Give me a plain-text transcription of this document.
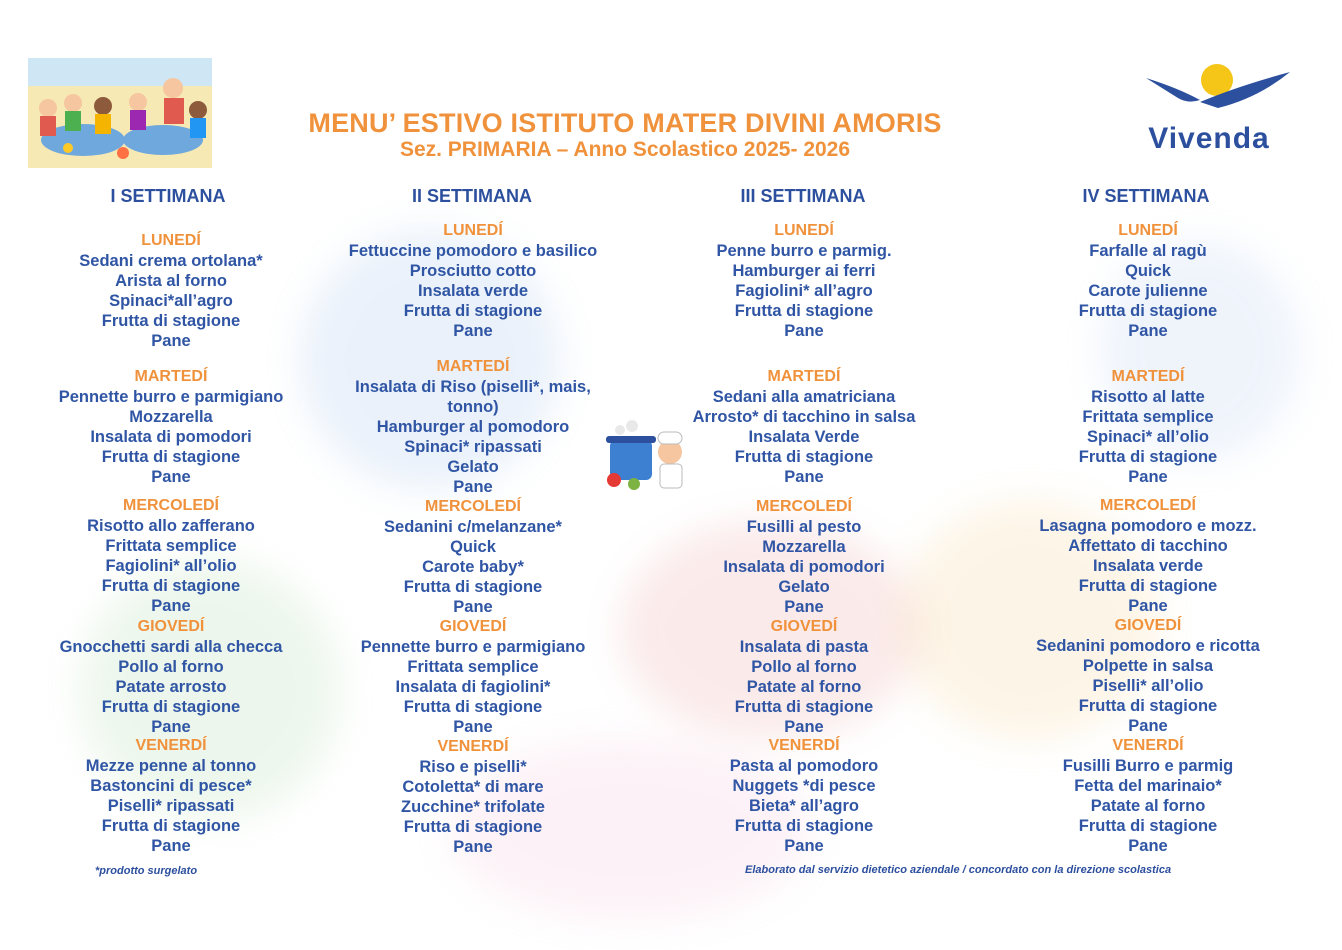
MENU’ ESTIVO ISTITUTO MATER DIVINI AMORIS
Sez. PRIMARIA – Anno Scolastico 2025- 2026	Vivenda
I SETTIMANA	II SETTIMANA	III SETTIMANA	IV SETTIMANA
LUNEDÍ
Sedani crema ortolana*
Arista al forno
Spinaci*all’agro
Frutta di stagione
Pane
MARTEDÍ
Pennette burro e parmigiano
Mozzarella
Insalata di pomodori
Frutta di stagione
Pane
MERCOLEDÍ
Risotto allo zafferano
Frittata semplice
Fagiolini* all’olio
Frutta di stagione
Pane
GIOVEDÍ
Gnocchetti sardi alla checca
Pollo al forno
Patate arrosto
Frutta di stagione
Pane
VENERDÍ
Mezze penne al tonno
Bastoncini di pesce*
Piselli* ripassati
Frutta di stagione
Pane
LUNEDÍ
Fettuccine pomodoro e basilico
Prosciutto cotto
Insalata verde
Frutta di stagione
Pane
MARTEDÍ
Insalata di Riso (piselli*, mais,
tonno)
Hamburger al pomodoro
Spinaci* ripassati
Gelato
Pane
MERCOLEDÍ
Sedanini c/melanzane*
Quick
Carote baby*
Frutta di stagione
Pane
GIOVEDÍ
Pennette burro e parmigiano
Frittata semplice
Insalata di fagiolini*
Frutta di stagione
Pane
VENERDÍ
Riso e piselli*
Cotoletta* di mare
Zucchine* trifolate
Frutta di stagione
Pane
LUNEDÍ
Penne burro e parmig.
Hamburger ai ferri
Fagiolini* all’agro
Frutta di stagione
Pane
MARTEDÍ
Sedani alla amatriciana
Arrosto* di tacchino in salsa
Insalata Verde
Frutta di stagione
Pane
MERCOLEDÍ
Fusilli al pesto
Mozzarella
Insalata di pomodori
Gelato
Pane
GIOVEDÍ
Insalata di pasta
Pollo al forno
Patate al forno
Frutta di stagione
Pane
VENERDÍ
Pasta al pomodoro
Nuggets *di pesce
Bieta* all’agro
Frutta di stagione
Pane
LUNEDÍ
Farfalle al ragù
Quick
Carote julienne
Frutta di stagione
Pane
MARTEDÍ
Risotto al latte
Frittata semplice
Spinaci* all’olio
Frutta di stagione
Pane
MERCOLEDÍ
Lasagna pomodoro e mozz.
Affettato di tacchino
Insalata verde
Frutta di stagione
Pane
GIOVEDÍ
Sedanini pomodoro e ricotta
Polpette in salsa
Piselli* all’olio
Frutta di stagione
Pane
VENERDÍ
Fusilli Burro e parmig
Fetta del marinaio*
Patate al forno
Frutta di stagione
Pane
*prodotto surgelato	Elaborato dal servizio dietetico aziendale / concordato con la direzione scolastica
